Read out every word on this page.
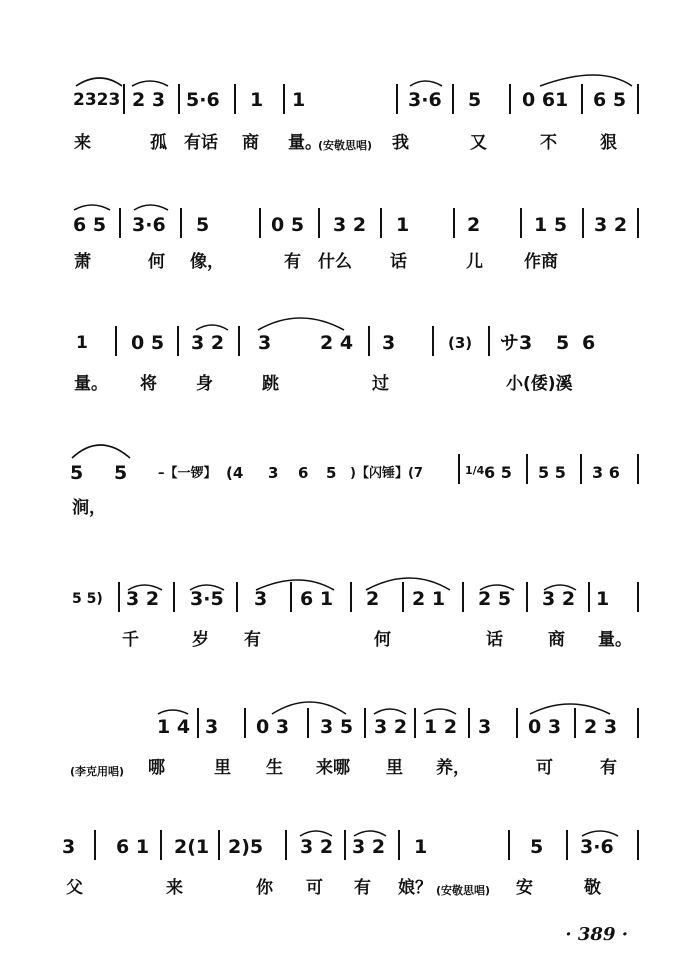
2323 2 3 5·6 1 1	3·6 5 0 61 6 5
来	孤 有话 商 量。
(安敬思唱) 我	又	不	狠
6 5 3·6 5	0 5 3 2 1	2	1 5 3 2
萧	何 像，	有 什么 话	儿 作商
1 0 5 3 2 3	2 4 3	(3) サ3 5 6
量。 将 身	跳	过	小(倭)溪
5 5 –【一锣】 (4 3 6 5 )【闪锤】(7	1/4 6 5 5 5 3 6
涧，
5 5) 3 2 3·5 3 6 1 2 2 1 2 5 3 2 1
千	岁 有	何	话	商 量。
1 4 3 0 3 3 5 3 2 1 2 3 0 3 2 3
(李克用唱) 哪	里 生 来哪 里 养，	可	有
3 6 1 2(1 2)5 3 2 3 2 1	5 3·6
父	来	你 可 有 娘？ (安敬思唱) 安	敬
· 389 ·
